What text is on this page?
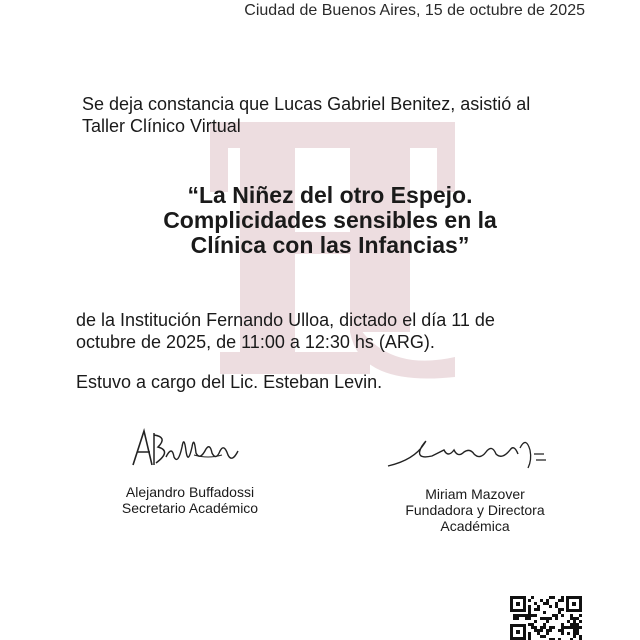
Ciudad de Buenos Aires, 15 de octubre de 2025
Se deja constancia que Lucas Gabriel Benitez, asistió al
Taller Clínico Virtual
“La Niñez del otro Espejo.
Complicidades sensibles en la
Clínica con las Infancias”
de la Institución Fernando Ulloa, dictado el día 11 de
octubre de 2025, de 11:00 a 12:30 hs (ARG).
Estuvo a cargo del Lic. Esteban Levin.
Alejandro Buffadossi
Secretario Académico
Miriam Mazover
Fundadora y Directora
Académica
